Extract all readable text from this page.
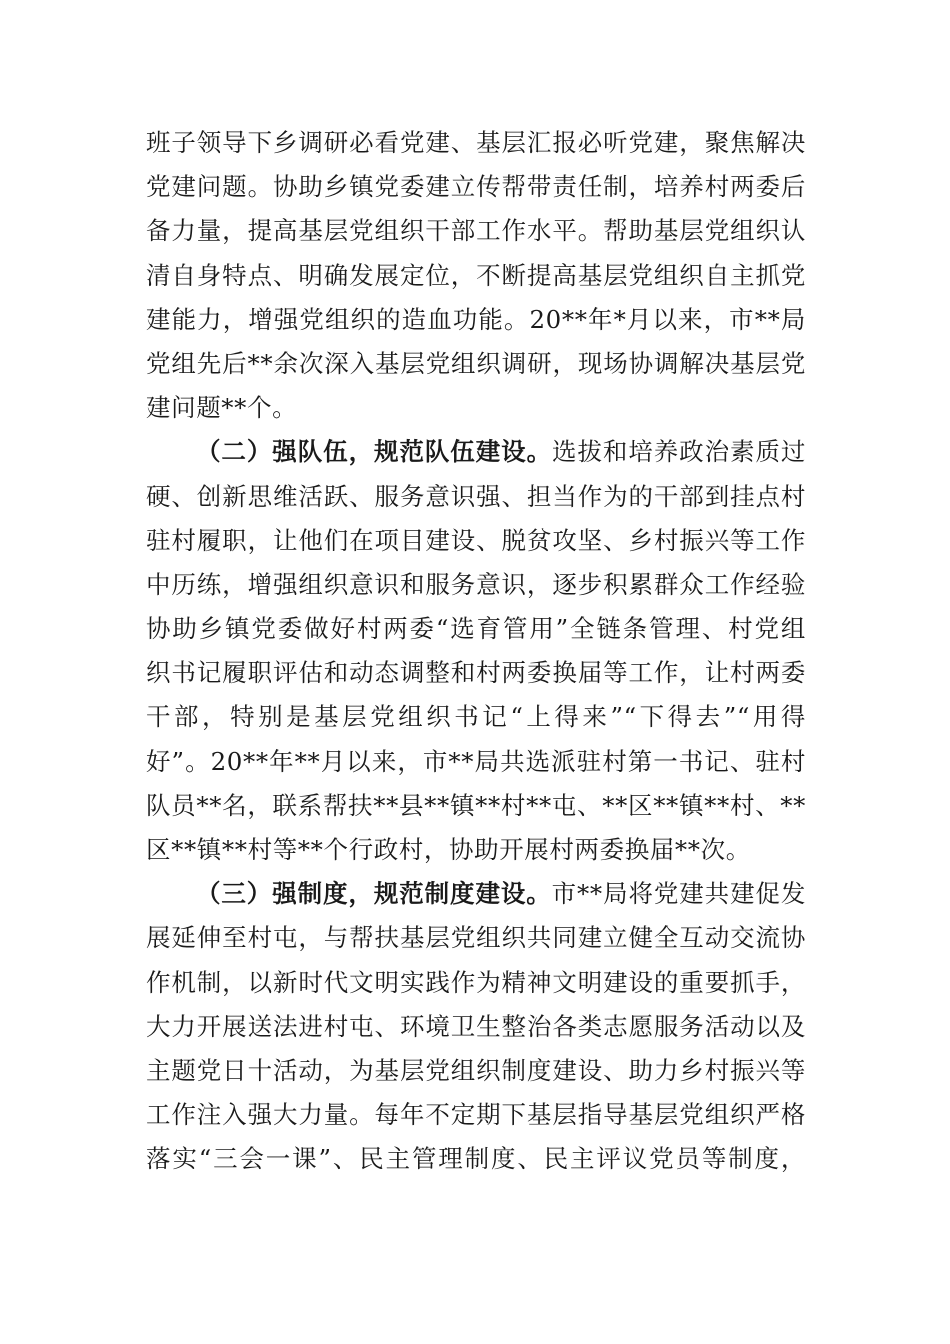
班子领导下乡调研必看党建、基层汇报必听党建，聚焦解决
党建问题。协助乡镇党委建立传帮带责任制，培养村两委后
备力量，提高基层党组织干部工作水平。帮助基层党组织认
清自身特点、明确发展定位，不断提高基层党组织自主抓党
建能力，增强党组织的造血功能。20**年*月以来，市**局
党组先后**余次深入基层党组织调研，现场协调解决基层党
建问题**个。
（二）强队伍，规范队伍建设。选拔和培养政治素质过
硬、创新思维活跃、服务意识强、担当作为的干部到挂点村
驻村履职，让他们在项目建设、脱贫攻坚、乡村振兴等工作
中历练，增强组织意识和服务意识，逐步积累群众工作经验
协助乡镇党委做好村两委“选育管用”全链条管理、村党组
织书记履职评估和动态调整和村两委换届等工作，让村两委
干部，特别是基层党组织书记“上得来”“下得去”“用得
好”。20**年**月以来，市**局共选派驻村第一书记、驻村
队员**名，联系帮扶**县**镇**村**屯、**区**镇**村、**
区**镇**村等**个行政村，协助开展村两委换届**次。
（三）强制度，规范制度建设。市**局将党建共建促发
展延伸至村屯，与帮扶基层党组织共同建立健全互动交流协
作机制，以新时代文明实践作为精神文明建设的重要抓手，
大力开展送法进村屯、环境卫生整治各类志愿服务活动以及
主题党日十活动，为基层党组织制度建设、助力乡村振兴等
工作注入强大力量。每年不定期下基层指导基层党组织严格
落实“三会一课”、民主管理制度、民主评议党员等制度，
